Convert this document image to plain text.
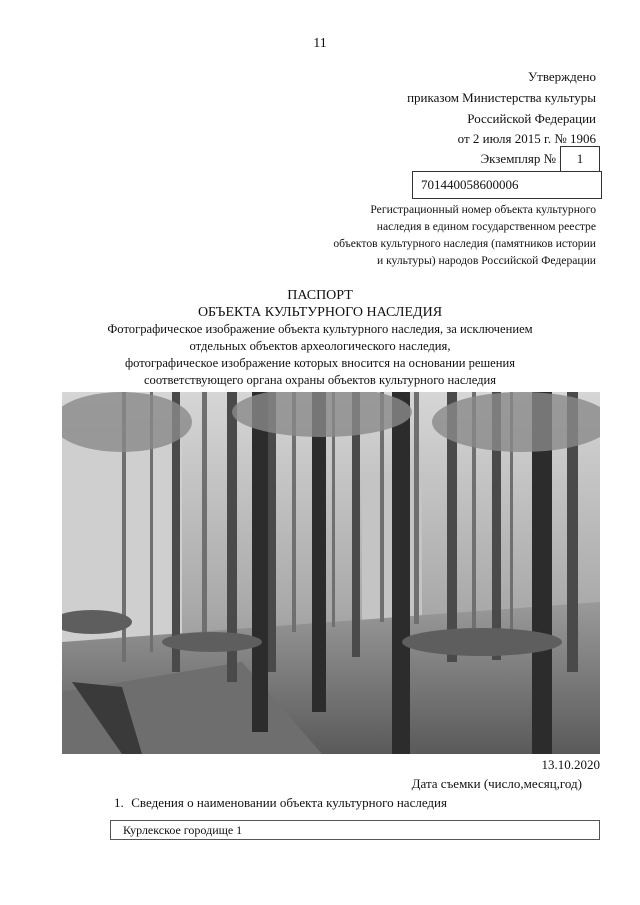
11
Утверждено
приказом Министерства культуры
Российской Федерации
от 2 июля 2015 г. № 1906
Экземпляр №	1
701440058600006
Регистрационный номер объекта культурного
наследия в едином государственном реестре
объектов культурного наследия (памятников истории
и культуры) народов Российской Федерации
ПАСПОРТ
ОБЪЕКТА КУЛЬТУРНОГО НАСЛЕДИЯ
Фотографическое изображение объекта культурного наследия, за исключением
отдельных объектов археологического наследия,
фотографическое изображение которых вносится на основании решения
соответствующего органа охраны объектов культурного наследия
13.10.2020
Дата съемки (число,месяц,год)
1. Сведения о наименовании объекта культурного наследия
Курлекское городище 1
